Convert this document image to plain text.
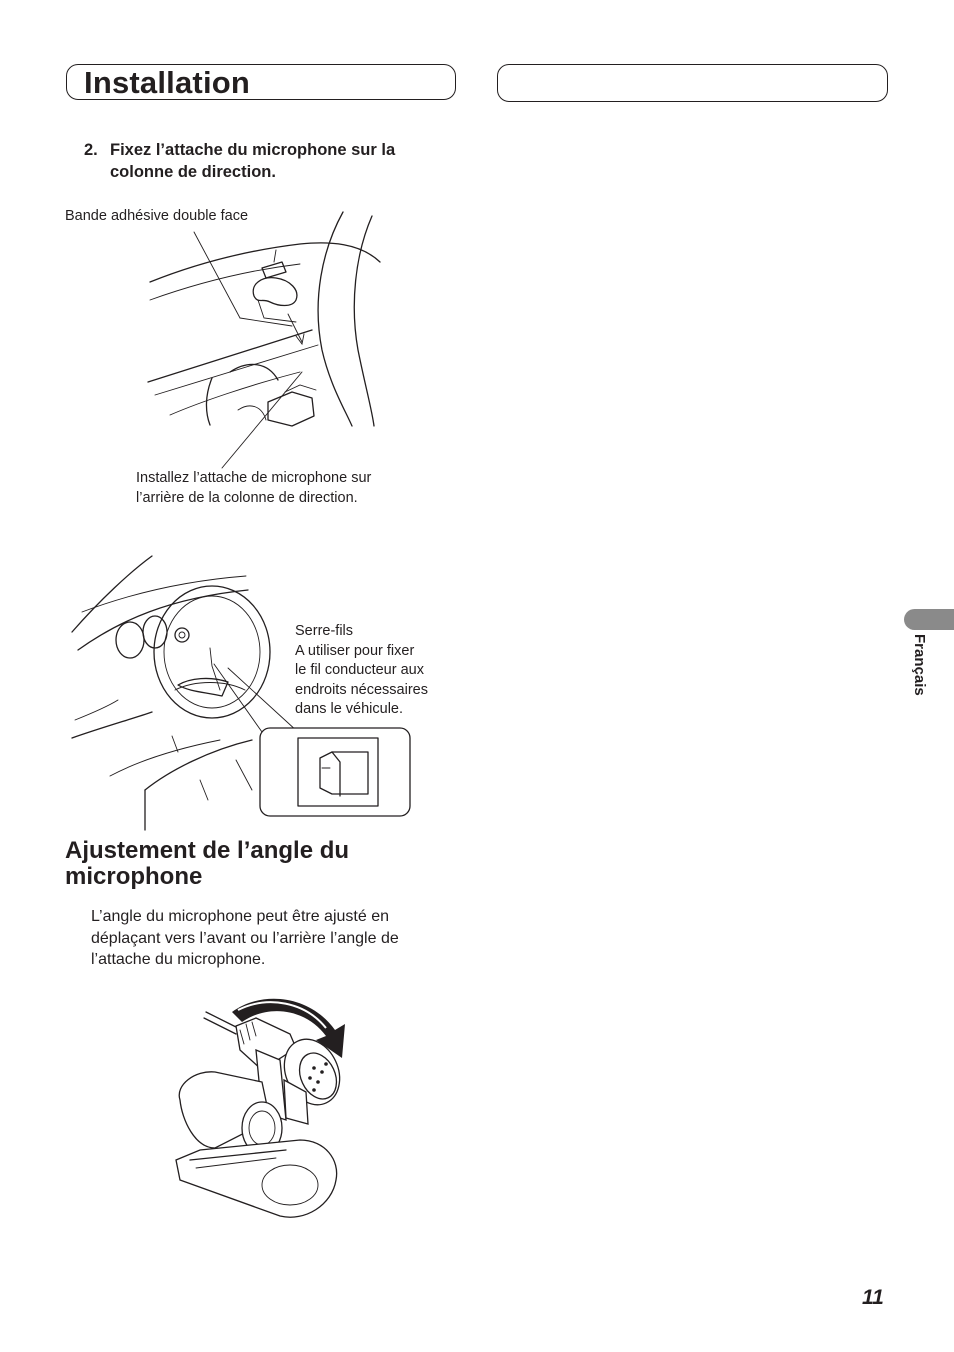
Installation
2. Fixez l’attache du microphone sur la colonne de direction.
Bande adhésive double face
Installez l’attache de microphone sur
l’arrière de la colonne de direction.
Serre-fils
A utiliser pour fixer
le fil conducteur aux
endroits nécessaires
dans le véhicule.
Ajustement de l’angle du
microphone
L’angle du microphone peut être ajusté en
déplaçant vers l’avant ou l’arrière l’angle de
l’attache du microphone.
Français
11
